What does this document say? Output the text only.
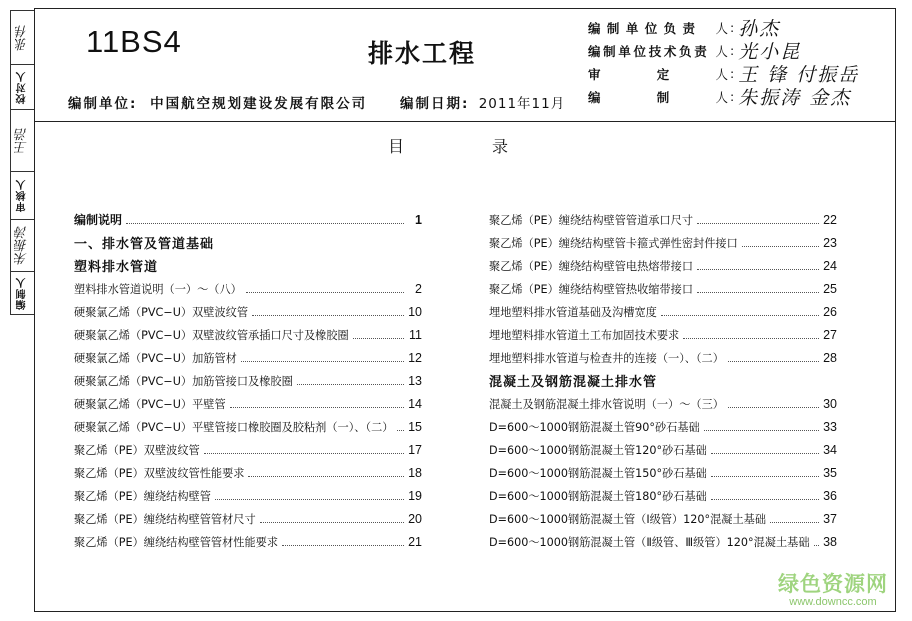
张伟
校对人
王浩
审核人
朱振涛
编制人
11BS4	排水工程
编制单位: 中国航空规划建设发展有限公司 编制日期: 2011年11月
编 制 单 位 负 责 人 : 孙杰
编 制 单 位 技 术 负 责 人 : 光小昆
审	定	人 : 王 锋 付振岳
编	制	人 : 朱振涛 金杰
目	录
编制说明	1
一、排水管及管道基础
塑料排水管道
塑料排水管道说明（一）～（八）	2
硬聚氯乙烯（PVC−U）双壁波纹管	10
硬聚氯乙烯（PVC−U）双壁波纹管承插口尺寸及橡胶圈	11
硬聚氯乙烯（PVC−U）加筋管材	12
硬聚氯乙烯（PVC−U）加筋管接口及橡胶圈	13
硬聚氯乙烯（PVC−U）平壁管	14
硬聚氯乙烯（PVC−U）平壁管接口橡胶圈及胶粘剂（一）、（二） 15
聚乙烯（PE）双壁波纹管	17
聚乙烯（PE）双壁波纹管性能要求	18
聚乙烯（PE）缠绕结构壁管	19
聚乙烯（PE）缠绕结构壁管管材尺寸	20
聚乙烯（PE）缠绕结构壁管管材性能要求	21
聚乙烯（PE）缠绕结构壁管管道承口尺寸	22
聚乙烯（PE）缠绕结构壁管卡箍式弹性密封件接口	23
聚乙烯（PE）缠绕结构壁管电热熔带接口	24
聚乙烯（PE）缠绕结构壁管热收缩带接口	25
埋地塑料排水管道基础及沟槽宽度	26
埋地塑料排水管道土工布加固技术要求	27
埋地塑料排水管道与检查井的连接（一）、（二）	28
混凝土及钢筋混凝土排水管
混凝土及钢筋混凝土排水管说明（一）～（三）	30
D=600～1000钢筋混凝土管90°砂石基础	33
D=600～1000钢筋混凝土管120°砂石基础	34
D=600～1000钢筋混凝土管150°砂石基础	35
D=600～1000钢筋混凝土管180°砂石基础	36
D=600～1000钢筋混凝土管（Ⅰ级管）120°混凝土基础	37
D=600～1000钢筋混凝土管（Ⅱ级管、Ⅲ级管）120°混凝土基础 38
绿色资源网
www.downcc.com
